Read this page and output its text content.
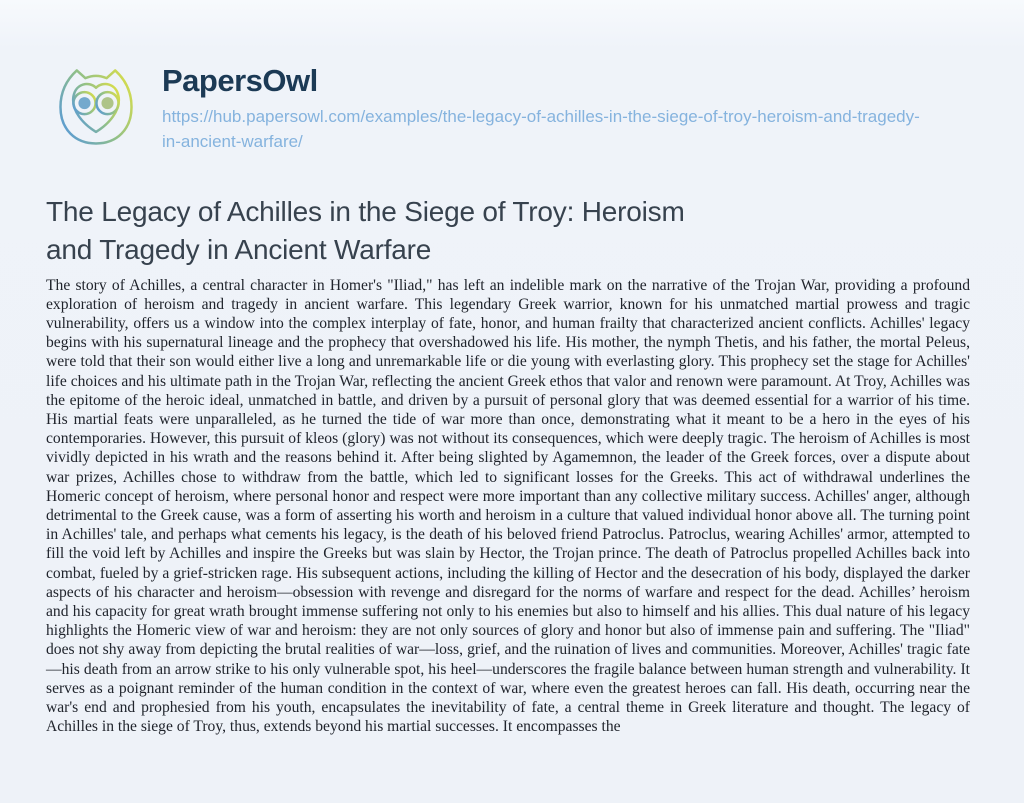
PapersOwl
https://hub.papersowl.com/examples/the-legacy-of-achilles-in-the-siege-of-troy-heroism-and-tragedy-in-ancient-warfare/
The Legacy of Achilles in the Siege of Troy: Heroism
and Tragedy in Ancient Warfare

The story of Achilles, a central character in Homer's "Iliad," has left an indelible mark on the narrative of the Trojan War, providing a profound exploration of heroism and tragedy in ancient warfare. This legendary Greek warrior, known for his unmatched martial prowess and tragic vulnerability, offers us a window into the complex interplay of fate, honor, and human frailty that characterized ancient conflicts. Achilles' legacy begins with his supernatural lineage and the prophecy that overshadowed his life. His mother, the nymph Thetis, and his father, the mortal Peleus, were told that their son would either live a long and unremarkable life or die young with everlasting glory. This prophecy set the stage for Achilles' life choices and his ultimate path in the Trojan War, reflecting the ancient Greek ethos that valor and renown were paramount. At Troy, Achilles was the epitome of the heroic ideal, unmatched in battle, and driven by a pursuit of personal glory that was deemed essential for a warrior of his time. His martial feats were unparalleled, as he turned the tide of war more than once, demonstrating what it meant to be a hero in the eyes of his contemporaries. However, this pursuit of kleos (glory) was not without its consequences, which were deeply tragic. The heroism of Achilles is most vividly depicted in his wrath and the reasons behind it. After being slighted by Agamemnon, the leader of the Greek forces, over a dispute about war prizes, Achilles chose to withdraw from the battle, which led to significant losses for the Greeks. This act of withdrawal underlines the Homeric concept of heroism, where personal honor and respect were more important than any collective military success. Achilles' anger, although detrimental to the Greek cause, was a form of asserting his worth and heroism in a culture that valued individual honor above all. The turning point in Achilles' tale, and perhaps what cements his legacy, is the death of his beloved friend Patroclus. Patroclus, wearing Achilles' armor, attempted to fill the void left by Achilles and inspire the Greeks but was slain by Hector, the Trojan prince. The death of Patroclus propelled Achilles back into combat, fueled by a grief-stricken rage. His subsequent actions, including the killing of Hector and the desecration of his body, displayed the darker aspects of his character and heroism—obsession with revenge and disregard for the norms of warfare and respect for the dead. Achilles’ heroism and his capacity for great wrath brought immense suffering not only to his enemies but also to himself and his allies. This dual nature of his legacy highlights the Homeric view of war and heroism: they are not only sources of glory and honor but also of immense pain and suffering. The "Iliad" does not shy away from depicting the brutal realities of war—loss, grief, and the ruination of lives and communities. Moreover, Achilles' tragic fate—his death from an arrow strike to his only vulnerable spot, his heel—underscores the fragile balance between human strength and vulnerability. It serves as a poignant reminder of the human condition in the context of war, where even the greatest heroes can fall. His death, occurring near the war's end and prophesied from his youth, encapsulates the inevitability of fate, a central theme in Greek literature and thought. The legacy of Achilles in the siege of Troy, thus, extends beyond his martial successes. It encompasses the
